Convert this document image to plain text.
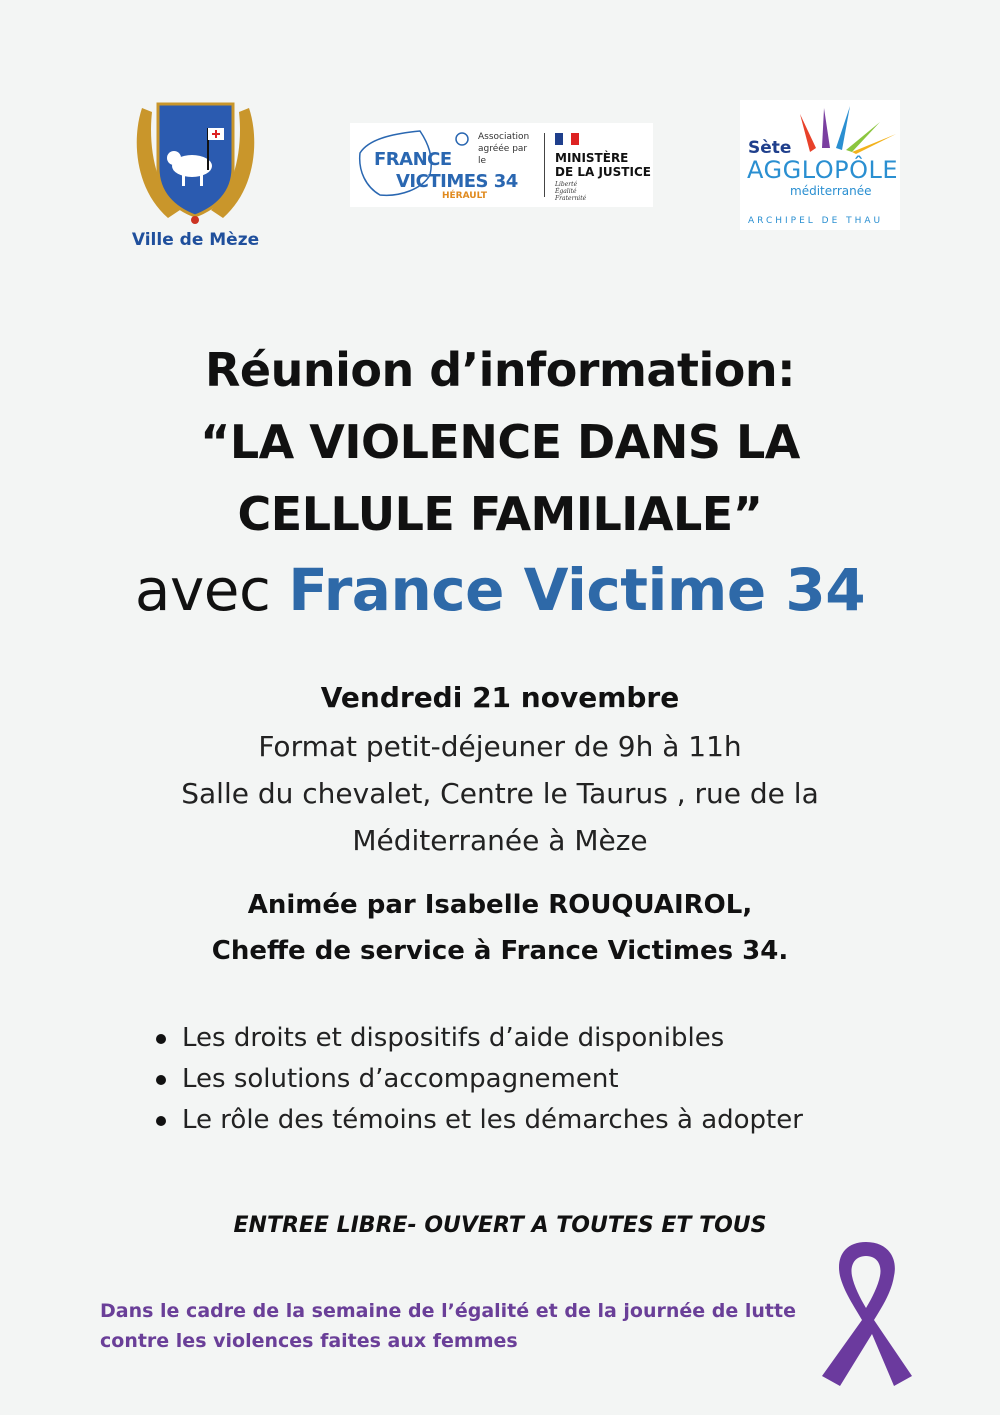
Ville de Mèze
Association agréée par le
FRANCE
VICTIMES 34
HÉRAULT
MINISTÈRE
DE LA JUSTICE
Liberté
Égalité
Fraternité
Sète
AGGLOPÔLE
méditerranée
ARCHIPEL DE THAU
Réunion d’information:
“LA VIOLENCE DANS LA
CELLULE FAMILIALE”
avec France Victime 34
Vendredi 21 novembre
Format petit-déjeuner de 9h à 11h
Salle du chevalet, Centre le Taurus , rue de la
Méditerranée à Mèze
Animée par Isabelle ROUQUAIROL,
Cheffe de service à France Victimes 34.
Les droits et dispositifs d’aide disponibles
Les solutions d’accompagnement
Le rôle des témoins et les démarches à adopter
ENTREE LIBRE- OUVERT A TOUTES ET TOUS
Dans le cadre de la semaine de l’égalité et de la journée de lutte
contre les violences faites aux femmes
